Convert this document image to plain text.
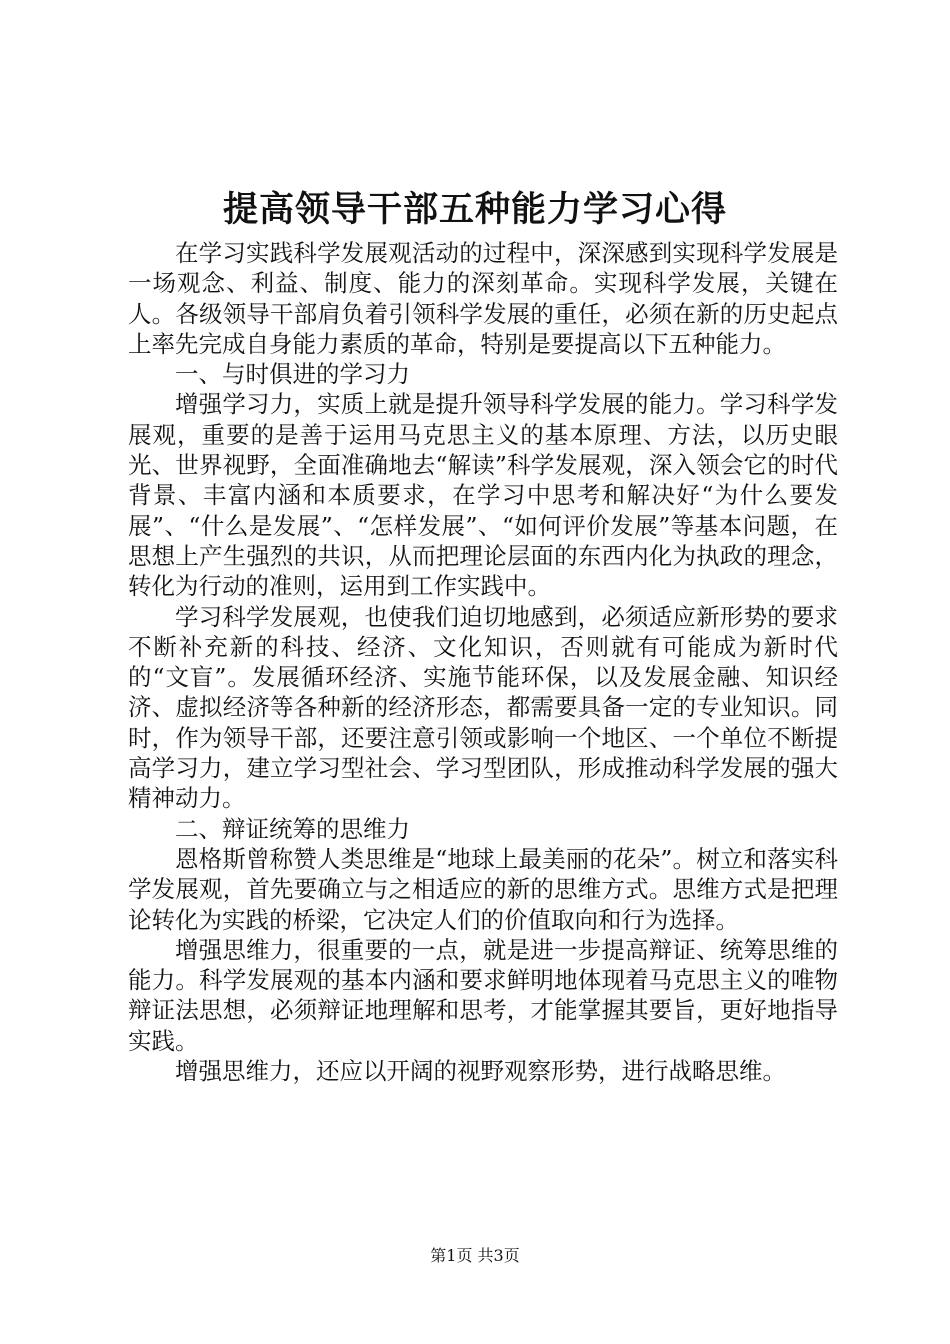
提高领导干部五种能力学习心得

在学习实践科学发展观活动的过程中，深深感到实现科学发展是一场观念、利益、制度、能力的深刻革命。实现科学发展，关键在人。各级领导干部肩负着引领科学发展的重任，必须在新的历史起点上率先完成自身能力素质的革命，特别是要提高以下五种能力。

一、与时俱进的学习力

增强学习力，实质上就是提升领导科学发展的能力。学习科学发展观，重要的是善于运用马克思主义的基本原理、方法，以历史眼光、世界视野，全面准确地去“解读”科学发展观，深入领会它的时代背景、丰富内涵和本质要求，在学习中思考和解决好“为什么要发展”、“什么是发展”、“怎样发展”、“如何评价发展”等基本问题，在思想上产生强烈的共识，从而把理论层面的东西内化为执政的理念，转化为行动的准则，运用到工作实践中。

学习科学发展观，也使我们迫切地感到，必须适应新形势的要求不断补充新的科技、经济、文化知识，否则就有可能成为新时代的“文盲”。发展循环经济、实施节能环保，以及发展金融、知识经济、虚拟经济等各种新的经济形态，都需要具备一定的专业知识。同时，作为领导干部，还要注意引领或影响一个地区、一个单位不断提高学习力，建立学习型社会、学习型团队，形成推动科学发展的强大精神动力。

二、辩证统筹的思维力

恩格斯曾称赞人类思维是“地球上最美丽的花朵”。树立和落实科学发展观，首先要确立与之相适应的新的思维方式。思维方式是把理论转化为实践的桥梁，它决定人们的价值取向和行为选择。

增强思维力，很重要的一点，就是进一步提高辩证、统筹思维的能力。科学发展观的基本内涵和要求鲜明地体现着马克思主义的唯物辩证法思想，必须辩证地理解和思考，才能掌握其要旨，更好地指导实践。

增强思维力，还应以开阔的视野观察形势，进行战略思维。

第1页 共3页
